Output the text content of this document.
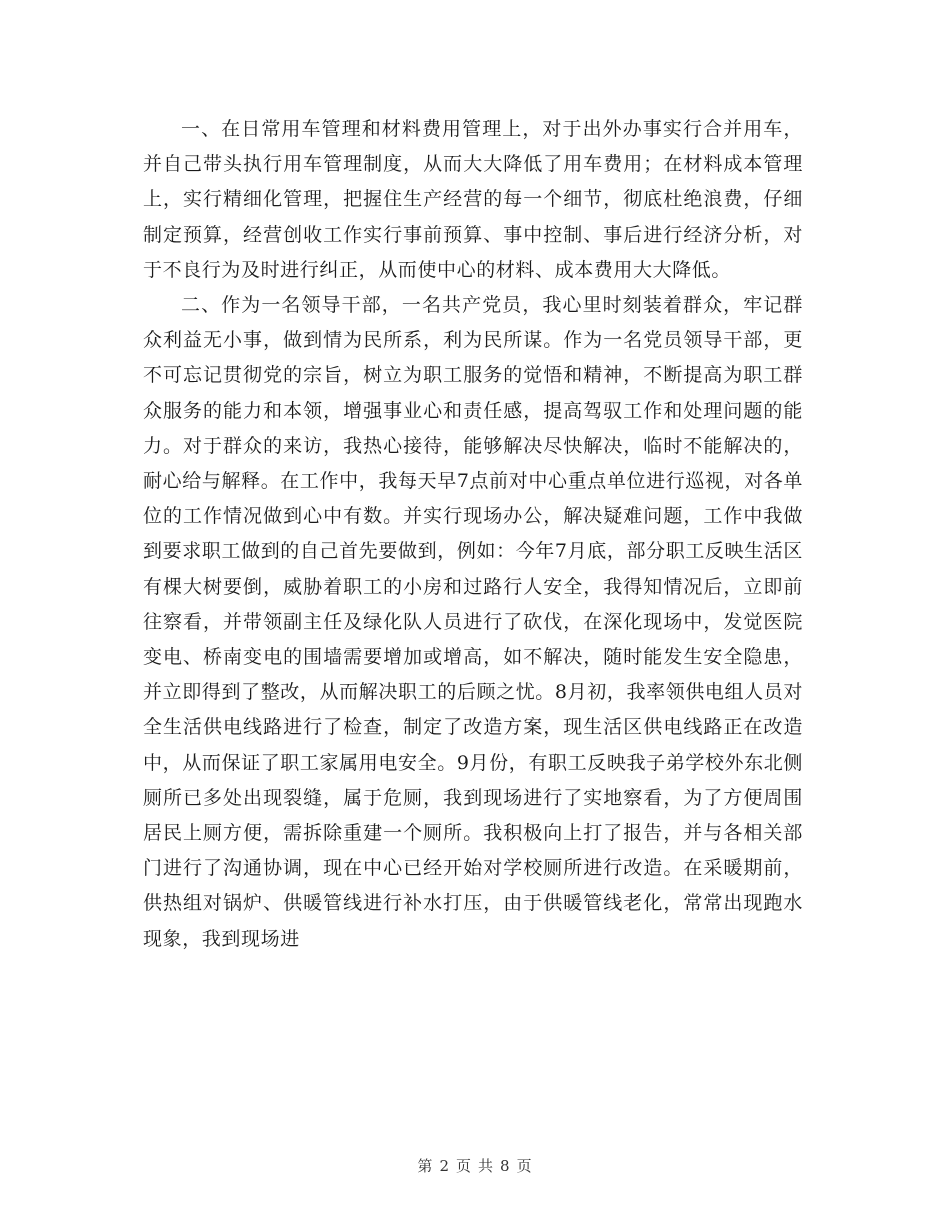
一、在日常用车管理和材料费用管理上，对于出外办事实行合并用车，并自己带头执行用车管理制度，从而大大降低了用车费用；在材料成本管理上，实行精细化管理，把握住生产经营的每一个细节，彻底杜绝浪费，仔细制定预算，经营创收工作实行事前预算、事中控制、事后进行经济分析，对于不良行为及时进行纠正，从而使中心的材料、成本费用大大降低。

二、作为一名领导干部，一名共产党员，我心里时刻装着群众，牢记群众利益无小事，做到情为民所系，利为民所谋。作为一名党员领导干部，更不可忘记贯彻党的宗旨，树立为职工服务的觉悟和精神，不断提高为职工群众服务的能力和本领，增强事业心和责任感，提高驾驭工作和处理问题的能力。对于群众的来访，我热心接待，能够解决尽快解决，临时不能解决的，耐心给与解释。在工作中，我每天早7点前对中心重点单位进行巡视，对各单位的工作情况做到心中有数。并实行现场办公，解决疑难问题，工作中我做到要求职工做到的自己首先要做到，例如：今年7月底，部分职工反映生活区有棵大树要倒，威胁着职工的小房和过路行人安全，我得知情况后，立即前往察看，并带领副主任及绿化队人员进行了砍伐，在深化现场中，发觉医院变电、桥南变电的围墙需要增加或增高，如不解决，随时能发生安全隐患，并立即得到了整改，从而解决职工的后顾之忧。8月初，我率领供电组人员对全生活供电线路进行了检查，制定了改造方案，现生活区供电线路正在改造中，从而保证了职工家属用电安全。9月份，有职工反映我子弟学校外东北侧厕所已多处出现裂缝，属于危厕，我到现场进行了实地察看，为了方便周围居民上厕方便，需拆除重建一个厕所。我积极向上打了报告，并与各相关部门进行了沟通协调，现在中心已经开始对学校厕所进行改造。在采暖期前，供热组对锅炉、供暖管线进行补水打压，由于供暖管线老化，常常出现跑水现象，我到现场进

第 2 页 共 8 页
